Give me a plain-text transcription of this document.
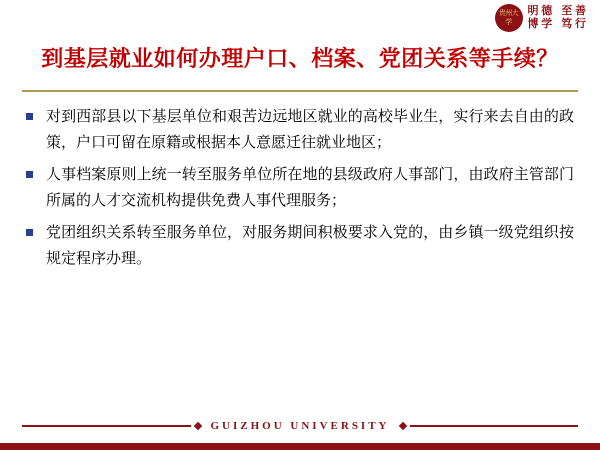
贵州大学
明 德 至 善
博 学 笃 行
到基层就业如何办理户口、档案、党团关系等手续？
对到西部县以下基层单位和艰苦边远地区就业的高校毕业生，实行来去自由的政策，户口可留在原籍或根据本人意愿迁往就业地区；
人事档案原则上统一转至服务单位所在地的县级政府人事部门，由政府主管部门所属的人才交流机构提供免费人事代理服务；
党团组织关系转至服务单位，对服务期间积极要求入党的，由乡镇一级党组织按规定程序办理。
GUIZHOU UNIVERSITY
